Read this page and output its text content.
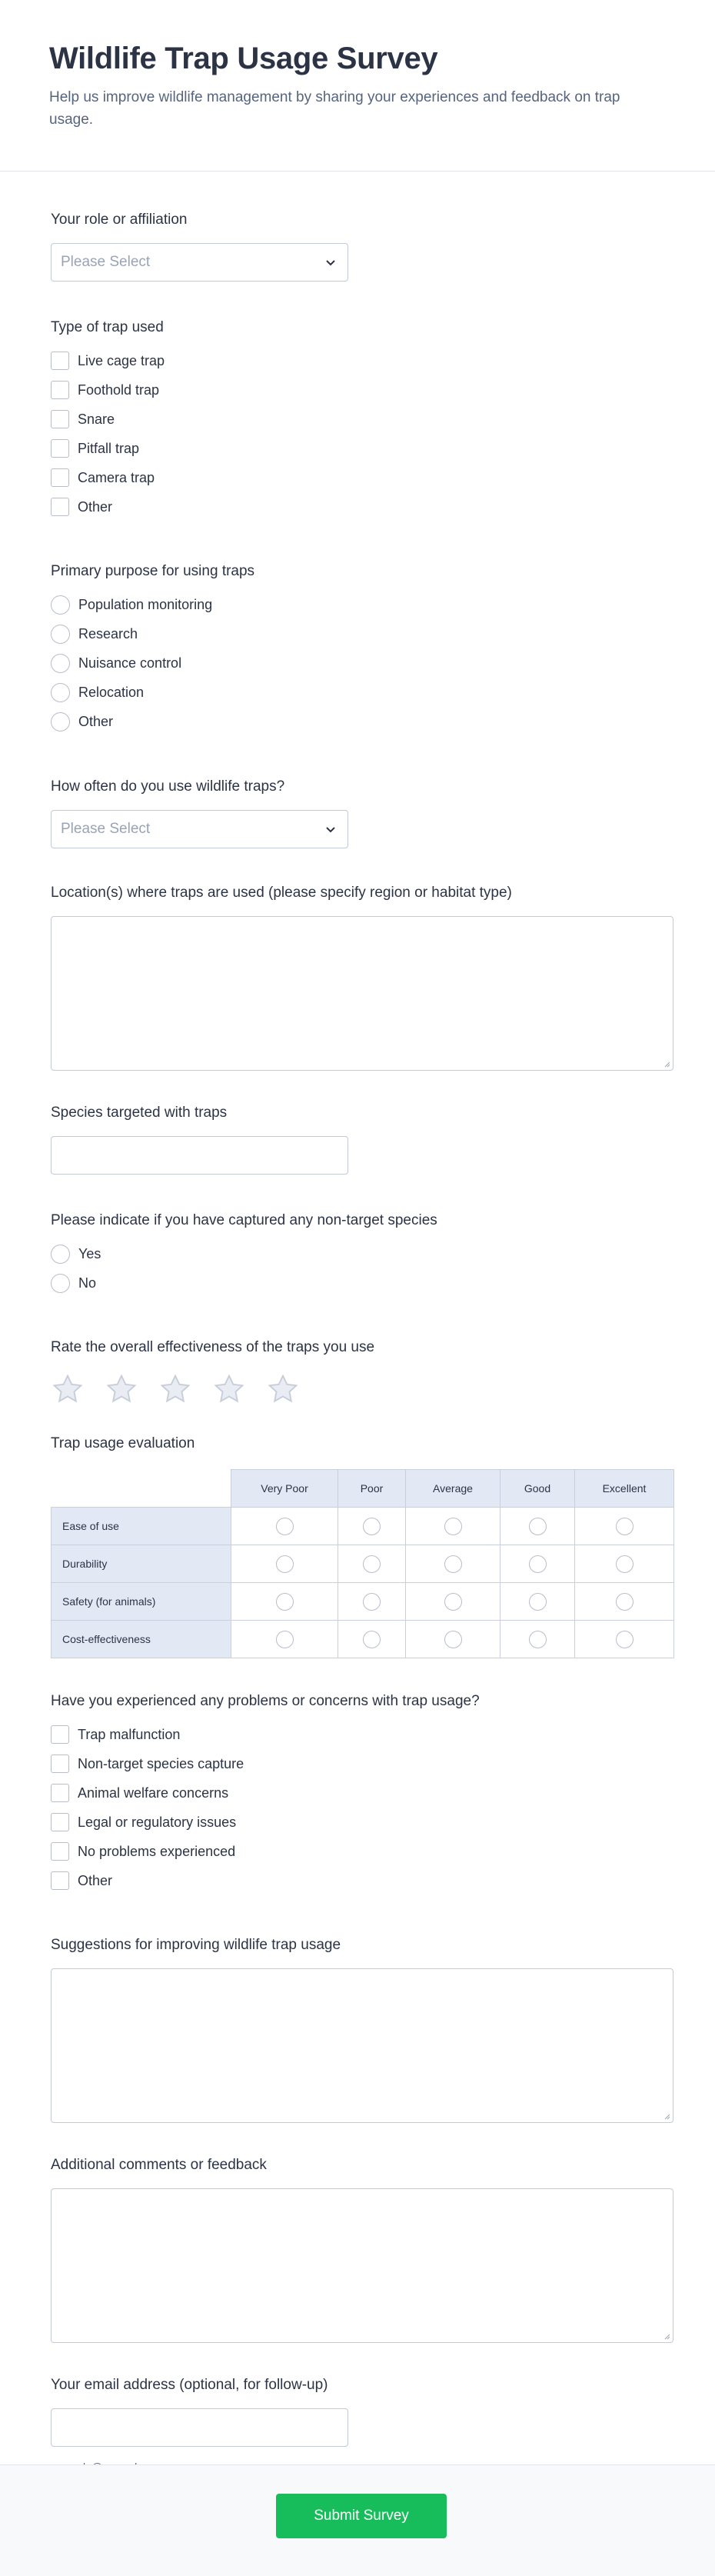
Wildlife Trap Usage Survey

Help us improve wildlife management by sharing your experiences and feedback on trap usage.

Your role or affiliation
Please Select
Type of trap used
Live cage trap
Foothold trap
Snare
Pitfall trap
Camera trap
Other
Primary purpose for using traps
Population monitoring
Research
Nuisance control
Relocation
Other
How often do you use wildlife traps?
Please Select
Location(s) where traps are used (please specify region or habitat type)
Species targeted with traps
Please indicate if you have captured any non-target species
Yes
No
Rate the overall effectiveness of the traps you use
Trap usage evaluation
	Very Poor	Poor	Average	Good	Excellent
Ease of use					
Durability					
Safety (for animals)					
Cost-effectiveness					
Have you experienced any problems or concerns with trap usage?
Trap malfunction
Non-target species capture
Animal welfare concerns
Legal or regulatory issues
No problems experienced
Other
Suggestions for improving wildlife trap usage
Additional comments or feedback
Your email address (optional, for follow-up)
Submit Survey
